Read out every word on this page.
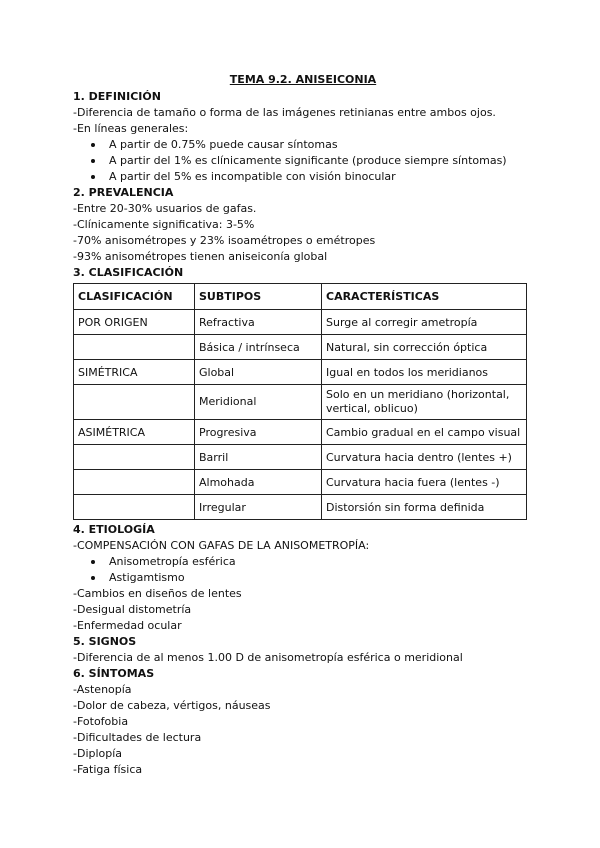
TEMA 9.2. ANISEICONIA
1. DEFINICIÓN
-Diferencia de tamaño o forma de las imágenes retinianas entre ambos ojos.
-En líneas generales:
A partir de 0.75% puede causar síntomas
A partir del 1% es clínicamente significante (produce siempre síntomas)
A partir del 5% es incompatible con visión binocular
2. PREVALENCIA
-Entre 20-30% usuarios de gafas.
-Clínicamente significativa: 3-5%
-70% anisométropes y 23% isoamétropes o emétropes
-93% anisométropes tienen aniseiconía global
3. CLASIFICACIÓN
CLASIFICACIÓN	SUBTIPOS	CARACTERÍSTICAS
POR ORIGEN	Refractiva	Surge al corregir ametropía
	Básica / intrínseca	Natural, sin corrección óptica
SIMÉTRICA	Global	Igual en todos los meridianos
	Meridional	Solo en un meridiano (horizontal, vertical, oblicuo)
ASIMÉTRICA	Progresiva	Cambio gradual en el campo visual
	Barril	Curvatura hacia dentro (lentes +)
	Almohada	Curvatura hacia fuera (lentes -)
	Irregular	Distorsión sin forma definida
4. ETIOLOGÍA
-COMPENSACIÓN CON GAFAS DE LA ANISOMETROPÍA:
Anisometropía esférica
Astigamtismo
-Cambios en diseños de lentes
-Desigual distometría
-Enfermedad ocular
5. SIGNOS
-Diferencia de al menos 1.00 D de anisometropía esférica o meridional
6. SÍNTOMAS
-Astenopía
-Dolor de cabeza, vértigos, náuseas
-Fotofobia
-Dificultades de lectura
-Diplopía
-Fatiga física
